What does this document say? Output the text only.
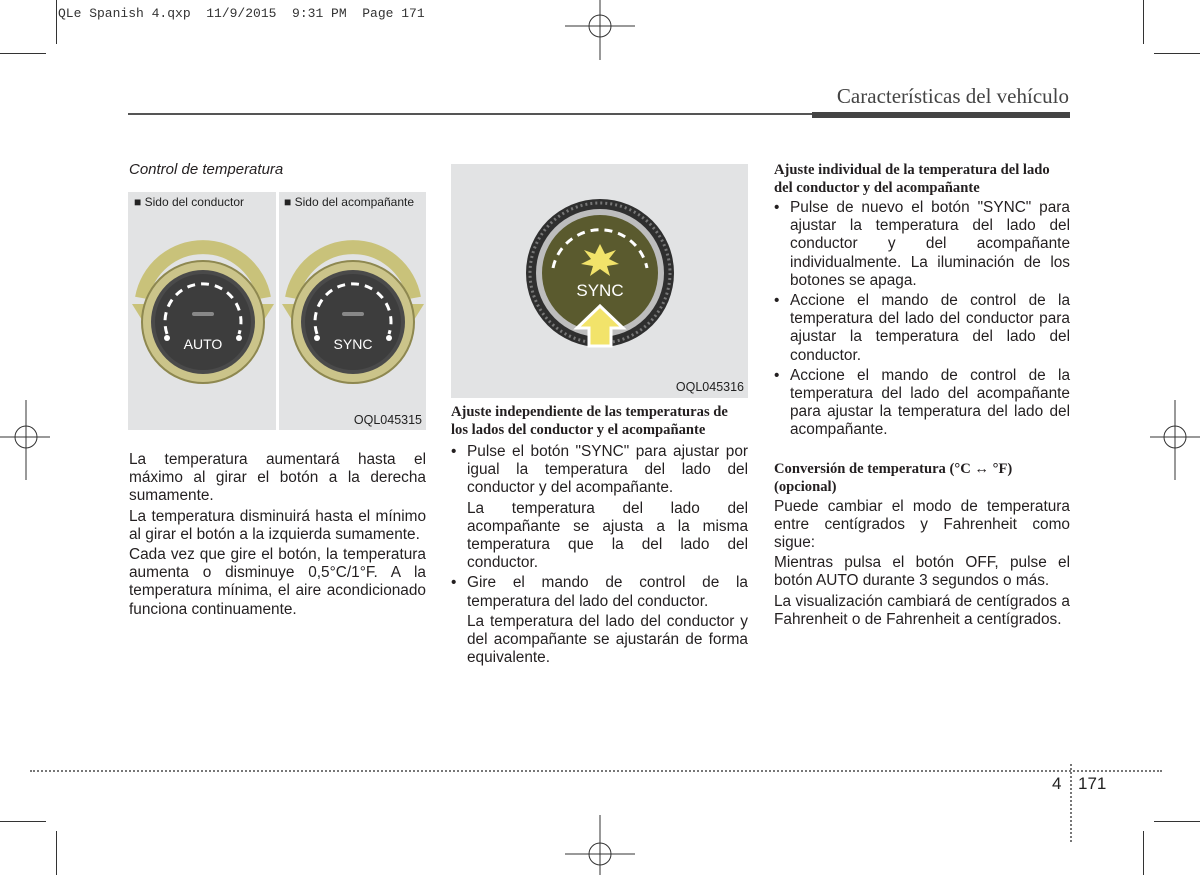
QLe Spanish 4.qxp  11/9/2015  9:31 PM  Page 171
Características del vehículo
Control de temperatura
■ Sido del conductor	■ Sido del acompañante
AUTO	SYNC
OQL045315

La temperatura aumentará hasta el máximo al girar el botón a la derecha sumamente.

La temperatura disminuirá hasta el mínimo al girar el botón a la izquierda sumamente.

Cada vez que gire el botón, la temperatura aumenta o disminuye 0,5°C/1°F. A la temperatura mínima, el aire acondicionado funciona continuamente.

SYNC
OQL045316
Ajuste independiente de las temperaturas de los lados del conductor y el acompañante
• Pulse el botón "SYNC" para ajustar por igual la temperatura del lado del conductor y del acompañante.

La temperatura del lado del acompañante se ajusta a la misma temperatura que la del lado del conductor.

• Gire el mando de control de la temperatura del lado del conductor.

La temperatura del lado del conductor y del acompañante se ajustarán de forma equivalente.

Ajuste individual de la temperatura del lado del conductor y del acompañante
• Pulse de nuevo el botón "SYNC" para ajustar la temperatura del lado del conductor y del acompañante individualmente. La iluminación de los botones se apaga.
• Accione el mando de control de la temperatura del lado del conductor para ajustar la temperatura del lado del conductor.
• Accione el mando de control de la temperatura del lado del acompañante para ajustar la temperatura del lado del acompañante.
Conversión de temperatura (°C ↔ °F) (opcional)

Puede cambiar el modo de temperatura entre centígrados y Fahrenheit como sigue:

Mientras pulsa el botón OFF, pulse el botón AUTO durante 3 segundos o más.

La visualización cambiará de centígrados a Fahrenheit o de Fahrenheit a centígrados.

4 171
